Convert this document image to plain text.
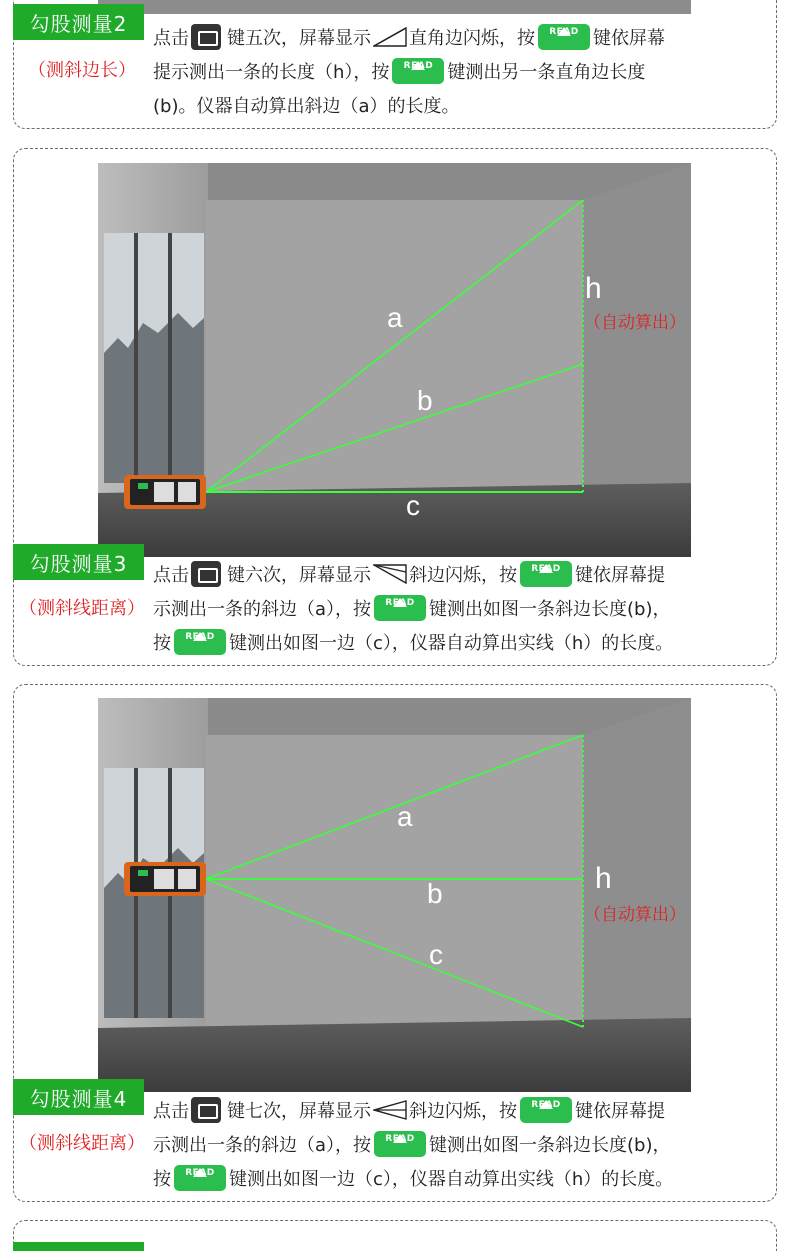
勾股测量2
（测斜边长）
点击 键五次，屏幕显示 直角边闪烁，按	READ 键依屏幕
提示测出一条的长度（h），按	READ 键测出另一条直角边长度
(b)。仪器自动算出斜边（a）的长度。
a
b
c
h
（自动算出）
勾股测量3
（测斜线距离）
点击 键六次，屏幕显示 斜边闪烁，按	READ 键依屏幕提
示测出一条的斜边（a），按	READ 键测出如图一条斜边长度(b)，
按	READ 键测出如图一边（c），仪器自动算出实线（h）的长度。
a
b
c
h
（自动算出）
勾股测量4
（测斜线距离）
点击 键七次，屏幕显示 斜边闪烁，按	READ 键依屏幕提
示测出一条的斜边（a），按	READ 键测出如图一条斜边长度(b)，
按	READ 键测出如图一边（c），仪器自动算出实线（h）的长度。
